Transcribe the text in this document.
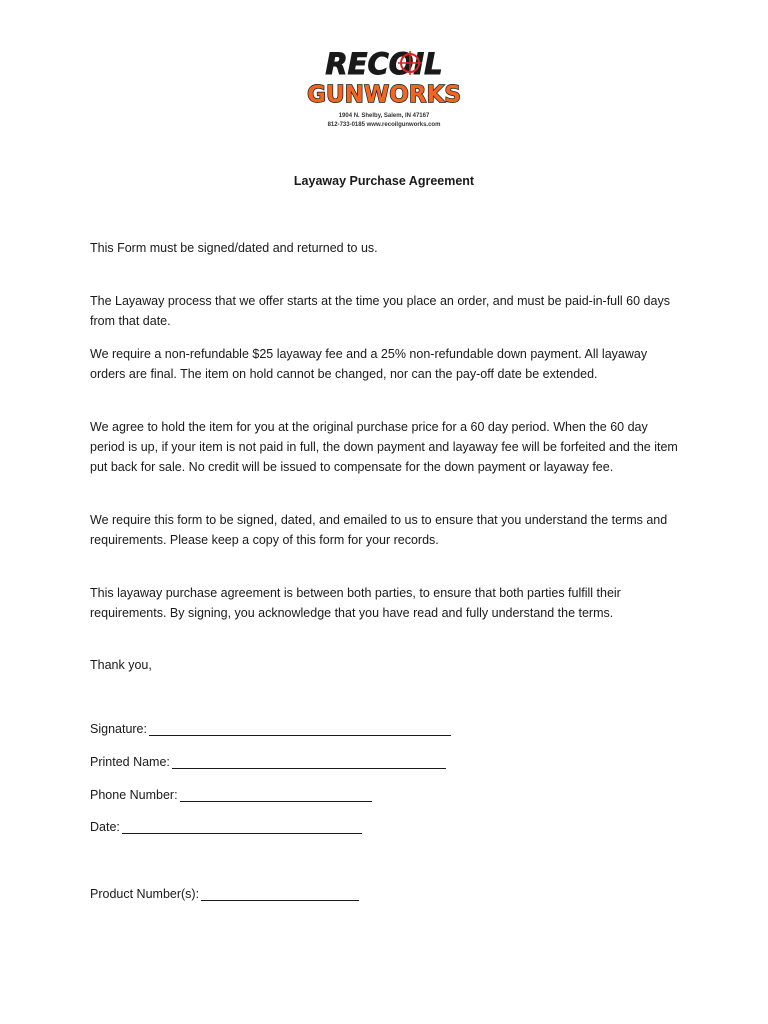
RECOIL
GUNWORKS
1904 N. Shelby, Salem, IN 47167
812-733-0185 www.recoilgunworks.com
Layaway Purchase Agreement
This Form must be signed/dated and returned to us.
The Layaway process that we offer starts at the time you place an order, and must be paid-in-full 60 days from that date.
We require a non-refundable $25 layaway fee and a 25% non-refundable down payment. All layaway orders are final. The item on hold cannot be changed, nor can the pay-off date be extended.
We agree to hold the item for you at the original purchase price for a 60 day period. When the 60 day period is up, if your item is not paid in full, the down payment and layaway fee will be forfeited and the item put back for sale. No credit will be issued to compensate for the down payment or layaway fee.
We require this form to be signed, dated, and emailed to us to ensure that you understand the terms and requirements. Please keep a copy of this form for your records.
This layaway purchase agreement is between both parties, to ensure that both parties fulfill their requirements. By signing, you acknowledge that you have read and fully understand the terms.
Thank you,
Signature:
Printed Name:
Phone Number:
Date:
Product Number(s):
